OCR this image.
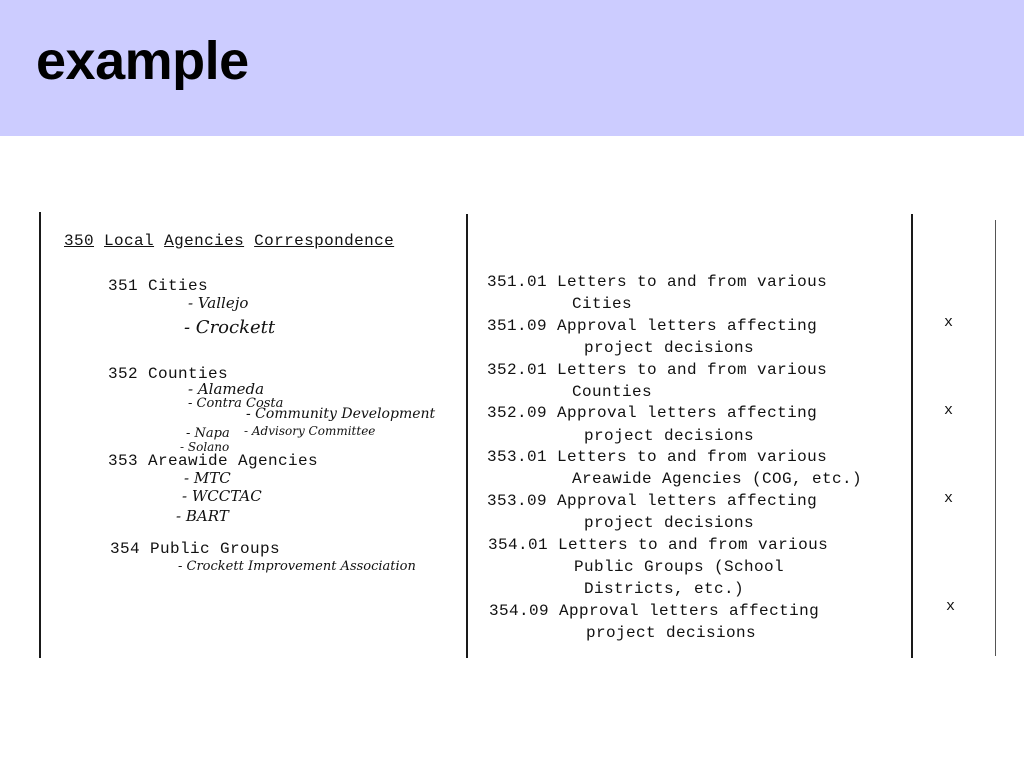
example
350 Local Agencies Correspondence
351 Cities
- Vallejo
- Crockett
352 Counties
- Alameda
- Contra Costa
- Community Development
- Napa - Advisory Committee
- Solano
353 Areawide Agencies
- MTC
- WCCTAC
- BART
354 Public Groups
- Crockett Improvement Association
351.01 Letters to and from various
Cities
351.09 Approval letters affecting
project decisions
x
352.01 Letters to and from various
Counties
352.09 Approval letters affecting
project decisions
x
353.01 Letters to and from various
Areawide Agencies (COG, etc.)
353.09 Approval letters affecting
project decisions
x
354.01 Letters to and from various
Public Groups (School
Districts, etc.)
354.09 Approval letters affecting
project decisions
x
